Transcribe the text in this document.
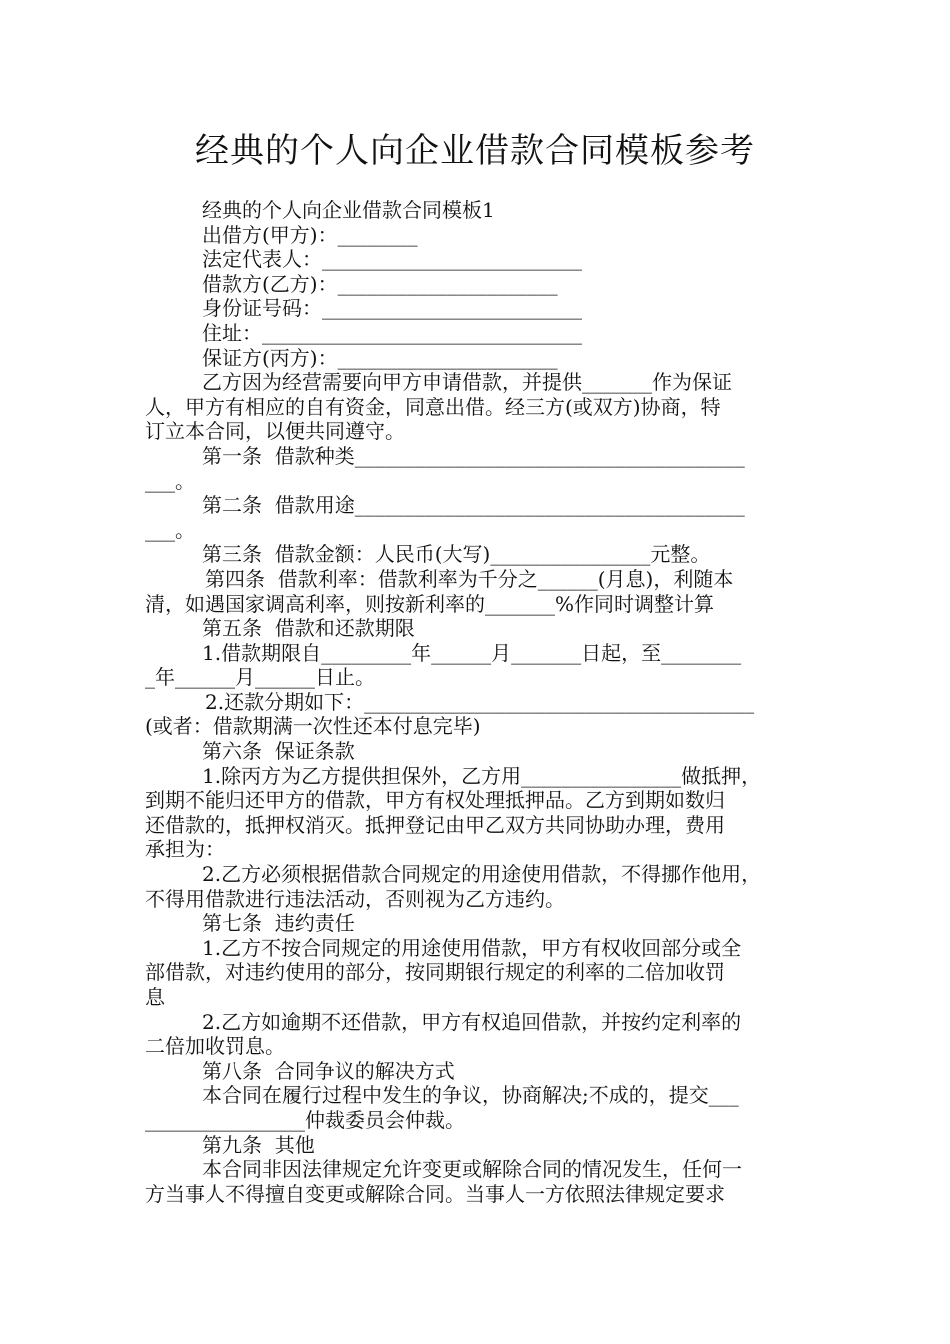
经典的个人向企业借款合同模板参考
经典的个人向企业借款合同模板1
出借方(甲方)：________
法定代表人：__________________________
借款方(乙方)：______________________
身份证号码：__________________________
住址：________________________________
保证方(丙方)：______________________
乙方因为经营需要向甲方申请借款，并提供_______作为保证
人，甲方有相应的自有资金，同意出借。经三方(或双方)协商，特
订立本合同，以便共同遵守。
第一条  借款种类_______________________________________
___。
第二条  借款用途_______________________________________
___。
第三条  借款金额：人民币(大写)________________元整。
第四条  借款利率：借款利率为千分之______(月息)，利随本
清，如遇国家调高利率，则按新利率的_______%作同时调整计算
第五条  借款和还款期限
1.借款期限自_________年______月_______日起，至________
_年______月______日止。
2.还款分期如下：_______________________________________
(或者：借款期满一次性还本付息完毕)
第六条  保证条款
1.除丙方为乙方提供担保外，乙方用________________做抵押，
到期不能归还甲方的借款，甲方有权处理抵押品。乙方到期如数归
还借款的，抵押权消灭。抵押登记由甲乙双方共同协助办理，费用
承担为：
2.乙方必须根据借款合同规定的用途使用借款，不得挪作他用，
不得用借款进行违法活动，否则视为乙方违约。
第七条  违约责任
1.乙方不按合同规定的用途使用借款，甲方有权收回部分或全
部借款，对违约使用的部分，按同期银行规定的利率的二倍加收罚
息
2.乙方如逾期不还借款，甲方有权追回借款，并按约定利率的
二倍加收罚息。
第八条  合同争议的解决方式
本合同在履行过程中发生的争议，协商解决;不成的，提交___
________________仲裁委员会仲裁。
第九条  其他
本合同非因法律规定允许变更或解除合同的情况发生，任何一
方当事人不得擅自变更或解除合同。当事人一方依照法律规定要求
